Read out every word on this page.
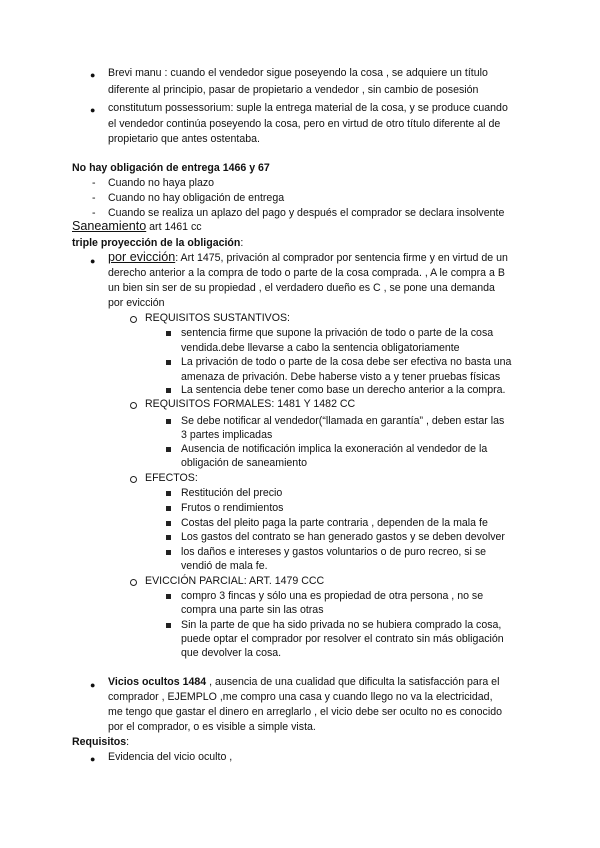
● Brevi manu : cuando el vendedor sigue poseyendo la cosa , se adquiere un título
diferente al principio, pasar de propietario a vendedor , sin cambio de posesión
● constitutum possessorium: suple la entrega material de la cosa, y se produce cuando
el vendedor continúa poseyendo la cosa, pero en virtud de otro título diferente al de
propietario que antes ostentaba.
No hay obligación de entrega 1466 y 67
- Cuando no haya plazo
- Cuando no hay obligación de entrega
- Cuando se realiza un aplazo del pago y después el comprador se declara insolvente
Saneamiento art 1461 cc
triple proyección de la obligación:
● por evicción: Art 1475, privación al comprador por sentencia firme y en virtud de un
derecho anterior a la compra de todo o parte de la cosa comprada. , A le compra a B
un bien sin ser de su propiedad , el verdadero dueño es C , se pone una demanda
por evicción
REQUISITOS SUSTANTIVOS:
sentencia firme que supone la privación de todo o parte de la cosa
vendida.debe llevarse a cabo la sentencia obligatoriamente
La privación de todo o parte de la cosa debe ser efectiva no basta una
amenaza de privación. Debe haberse visto a y tener pruebas físicas
La sentencia debe tener como base un derecho anterior a la compra.
REQUISITOS FORMALES: 1481 Y 1482 CC
Se debe notificar al vendedor(“llamada en garantía” , deben estar las
3 partes implicadas
Ausencia de notificación implica la exoneración al vendedor de la
obligación de saneamiento
EFECTOS:
Restitución del precio
Frutos o rendimientos
Costas del pleito paga la parte contraria , dependen de la mala fe
Los gastos del contrato se han generado gastos y se deben devolver
los daños e intereses y gastos voluntarios o de puro recreo, si se
vendió de mala fe.
EVICCIÓN PARCIAL: ART. 1479 CCC
compro 3 fincas y sólo una es propiedad de otra persona , no se
compra una parte sin las otras
Sin la parte de que ha sido privada no se hubiera comprado la cosa,
puede optar el comprador por resolver el contrato sin más obligación
que devolver la cosa.
● Vicios ocultos 1484 , ausencia de una cualidad que dificulta la satisfacción para el
comprador , EJEMPLO ,me compro una casa y cuando llego no va la electricidad,
me tengo que gastar el dinero en arreglarlo , el vicio debe ser oculto no es conocido
por el comprador, o es visible a simple vista.
Requisitos:
● Evidencia del vicio oculto ,
